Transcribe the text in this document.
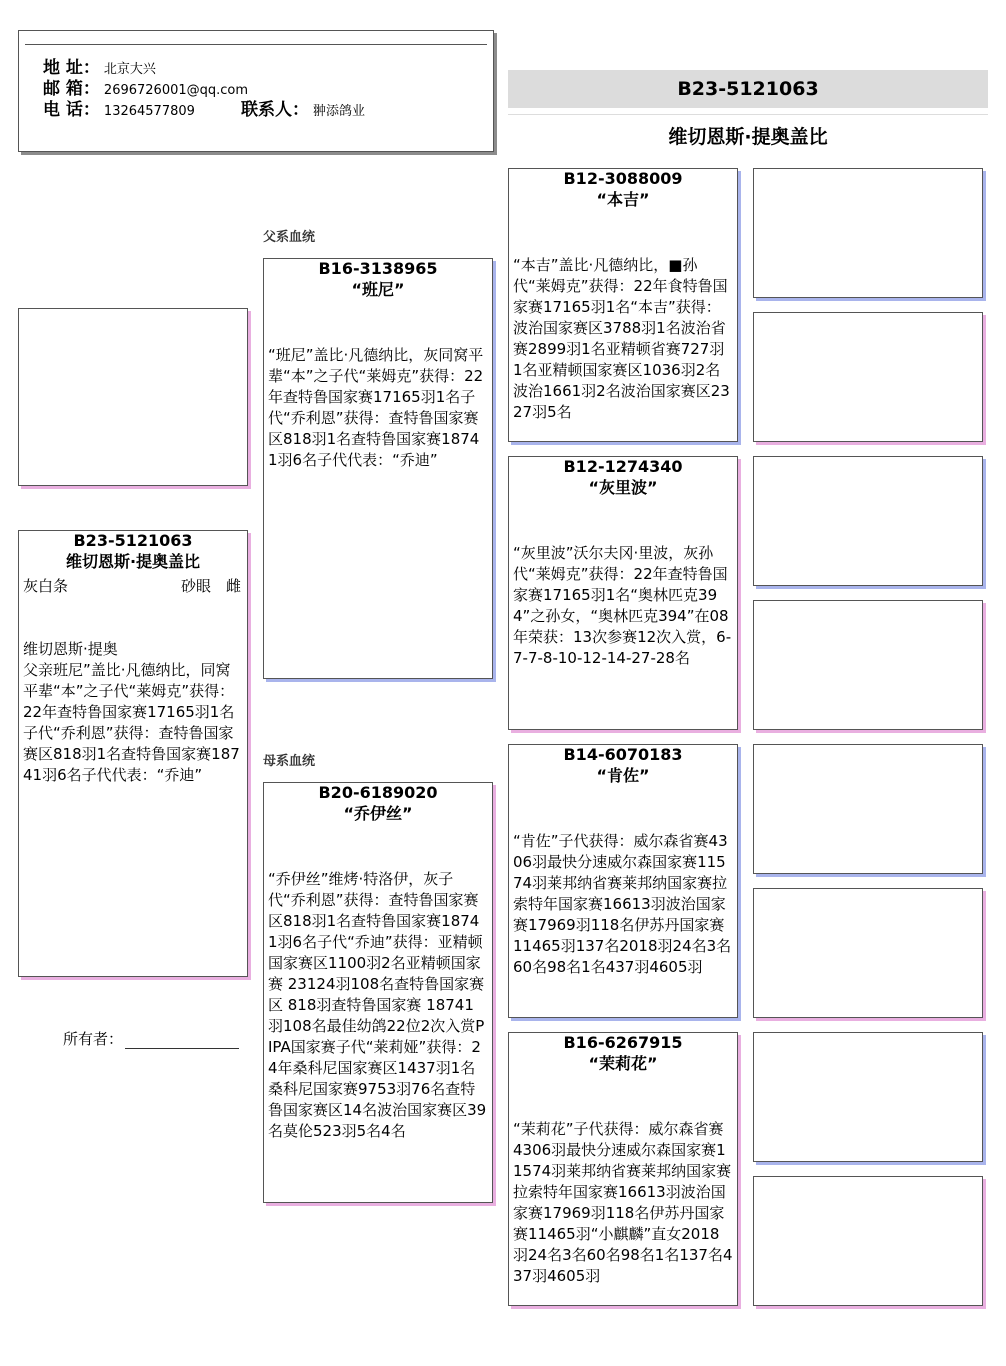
地 址： 北京大兴
邮 箱： 2696726001@qq.com
电 话： 13264577809	联系人： 翀添鸽业
B23-5121063
维切恩斯·提奥盖比
B23-5121063
维切恩斯·提奥盖比
灰白条	砂眼　雌
维切恩斯·提奥
父亲班尼”盖比·凡德纳比，同窝平辈“本”之子代“莱姆克”获得：22年查特鲁国家赛17165羽1名子代“乔利恩”获得：查特鲁国家赛区818羽1名查特鲁国家赛18741羽6名子代代表：“乔迪”
所有者：
父系血统
母系血统
B16-3138965
“班尼”
“班尼”盖比·凡德纳比，灰同窝平辈“本”之子代“莱姆克”获得：22年查特鲁国家赛17165羽1名子代“乔利恩”获得：查特鲁国家赛区818羽1名查特鲁国家赛18741羽6名子代代表：“乔迪”
B20-6189020
“乔伊丝”
“乔伊丝”维烤·特洛伊，灰子代“乔利恩”获得：查特鲁国家赛区818羽1名查特鲁国家赛18741羽6名子代“乔迪”获得：亚精顿国家赛区1100羽2名亚精顿国家赛 23124羽108名查特鲁国家赛区 818羽查特鲁国家赛 18741羽108名最佳幼鸽22位2次入赏PIPA国家赛子代“莱莉娅”获得：24年桑科尼国家赛区1437羽1名桑科尼国家赛9753羽76名查特鲁国家赛区14名波治国家赛区39名莫伦523羽5名4名
B12-3088009
“本吉”
“本吉”盖比·凡德纳比，■孙代“莱姆克”获得：22年食特鲁国家赛17165羽1名“本吉”获得：波治国家赛区3788羽1名波治省赛2899羽1名亚精顿省赛727羽1名亚精顿国家赛区1036羽2名波治1661羽2名波治国家赛区2327羽5名
B12-1274340
“灰里波”
“灰里波”沃尔夫冈·里波，灰孙代“莱姆克”获得：22年查特鲁国家赛17165羽1名“奥林匹克394”之孙女，“奥林匹克394”在08年荣获：13次参赛12次入赏，6-7-7-8-10-12-14-27-28名
B14-6070183
“肯佐”
“肯佐”子代获得：威尔森省赛4306羽最快分速威尔森国家赛11574羽莱邦纳省赛莱邦纳国家赛拉索特年国家赛16613羽波治国家赛17969羽118名伊苏丹国家赛11465羽137名2018羽24名3名60名98名1名437羽4605羽
B16-6267915
“茉莉花”
“茉莉花”子代获得：威尔森省赛4306羽最快分速威尔森国家赛11574羽莱邦纳省赛莱邦纳国家赛拉索特年国家赛16613羽波治国家赛17969羽118名伊苏丹国家赛11465羽“小麒麟”直女2018羽24名3名60名98名1名137名437羽4605羽
